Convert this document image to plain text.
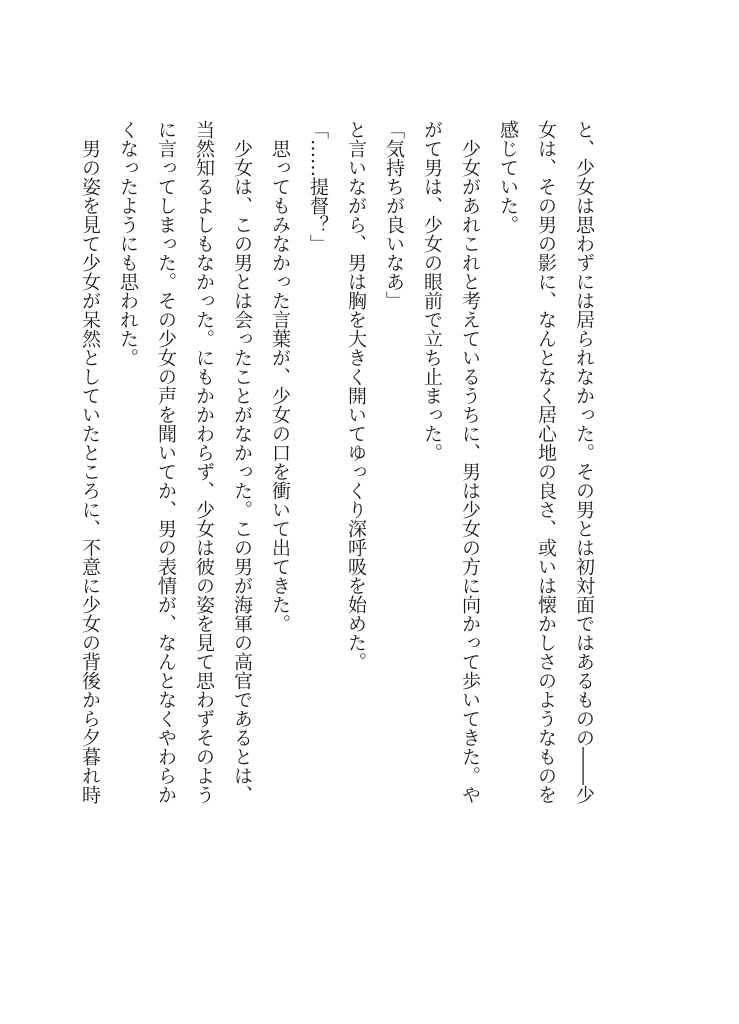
と、少女は思わずには居られなかった。その男とは初対面ではあるものの――少
女は、その男の影に、なんとなく居心地の良さ、或いは懐かしさのようなものを
感じていた。
　少女があれこれと考えているうちに、男は少女の方に向かって歩いてきた。や
がて男は、少女の眼前で立ち止まった。
「気持ちが良いなあ」
と言いながら、男は胸を大きく開いてゆっくり深呼吸を始めた。
「……提督？」
　思ってもみなかった言葉が、少女の口を衝いて出てきた。
　少女は、この男とは会ったことがなかった。この男が海軍の高官であるとは、
当然知るよしもなかった。にもかかわらず、少女は彼の姿を見て思わずそのよう
に言ってしまった。その少女の声を聞いてか、男の表情が、なんとなくやわらか
くなったようにも思われた。
　男の姿を見て少女が呆然としていたところに、不意に少女の背後から夕暮れ時
